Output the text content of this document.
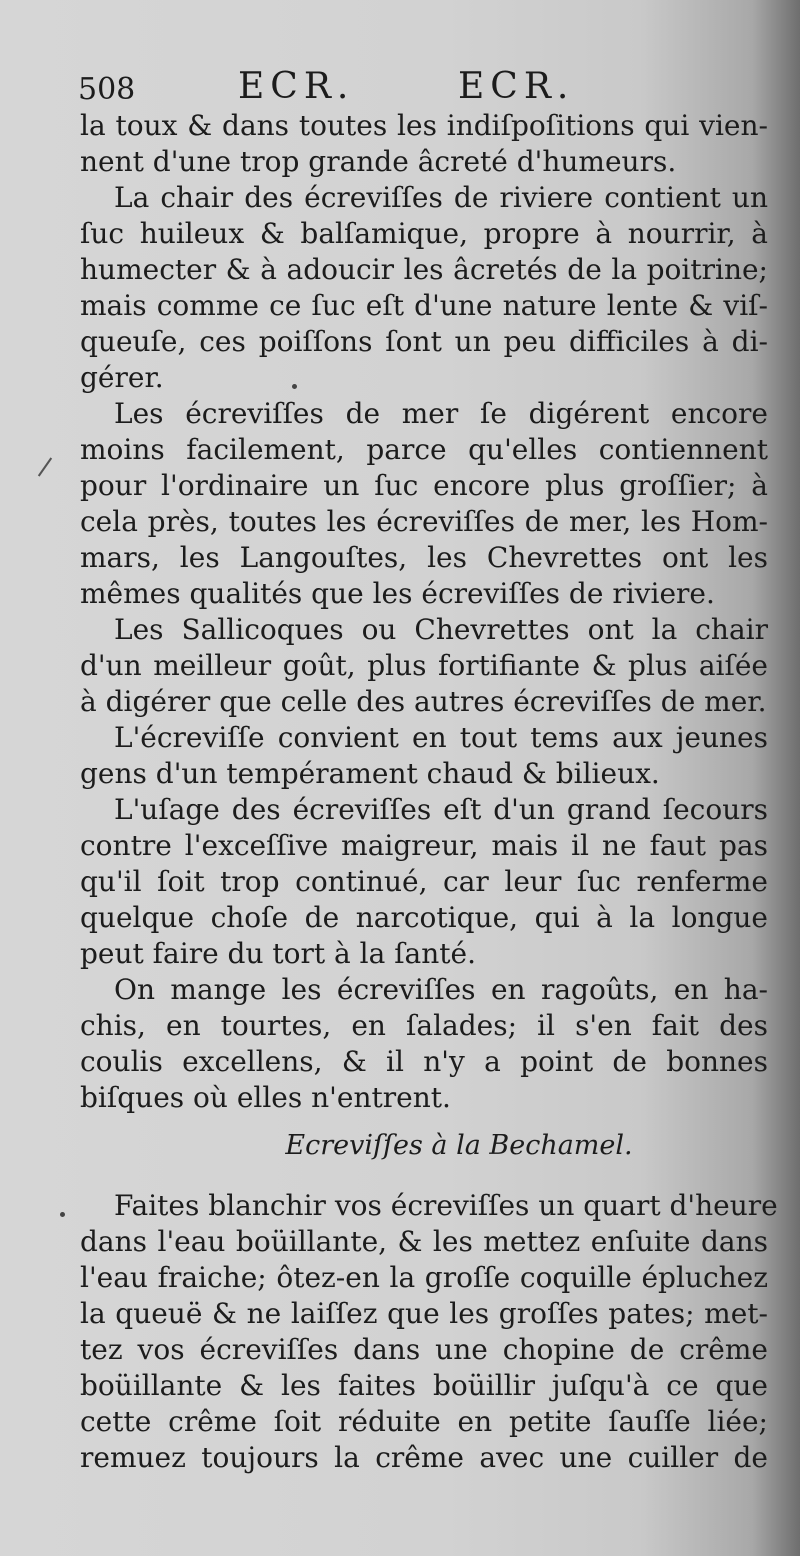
508	ECR.	ECR.

la toux & dans toutes les indiſpoſitions qui vien-
nent d'une trop grande âcreté d'humeurs.

La chair des écreviſſes de riviere contient un
ſuc huileux & balſamique, propre à nourrir, à
humecter & à adoucir les âcretés de la poitrine;
mais comme ce ſuc eſt d'une nature lente & viſ-
queuſe, ces poiſſons ſont un peu difficiles à di-
gérer.

Les écreviſſes de mer ſe digérent encore
moins facilement, parce qu'elles contiennent
pour l'ordinaire un ſuc encore plus groſſier; à
cela près, toutes les écreviſſes de mer, les Hom-
mars, les Langouſtes, les Chevrettes ont les
mêmes qualités que les écreviſſes de riviere.

Les Sallicoques ou Chevrettes ont la chair
d'un meilleur goût, plus fortifiante & plus aiſée
à digérer que celle des autres écreviſſes de mer.

L'écreviſſe convient en tout tems aux jeunes
gens d'un tempérament chaud & bilieux.

L'uſage des écreviſſes eſt d'un grand ſecours
contre l'exceſſive maigreur, mais il ne faut pas
qu'il ſoit trop continué, car leur ſuc renferme
quelque choſe de narcotique, qui à la longue
peut faire du tort à la ſanté.

On mange les écreviſſes en ragoûts, en ha-
chis, en tourtes, en ſalades; il s'en fait des
coulis excellens, & il n'y a point de bonnes
biſques où elles n'entrent.

Ecreviſſes à la Bechamel.

Faites blanchir vos écreviſſes un quart d'heure
dans l'eau boüillante, & les mettez enſuite dans
l'eau fraiche; ôtez-en la groſſe coquille épluchez
la queuë & ne laiſſez que les groſſes pates; met-
tez vos écreviſſes dans une chopine de crême
boüillante & les faites boüillir juſqu'à ce que
cette crême ſoit réduite en petite ſauſſe liée;
remuez toujours la crême avec une cuiller de
